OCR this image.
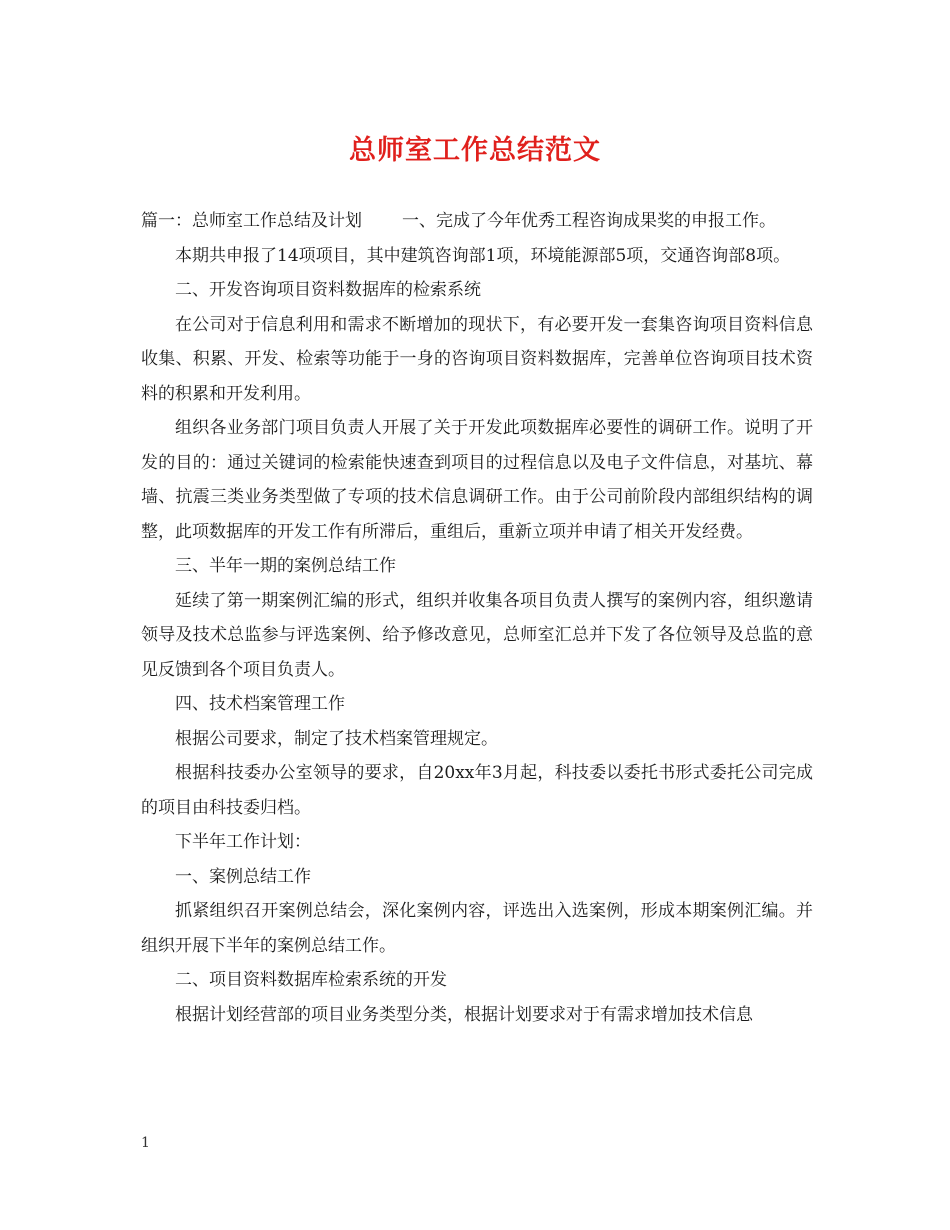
总师室工作总结范文

篇一：总师室工作总结及计划 一、完成了今年优秀工程咨询成果奖的申报工作。

本期共申报了14项项目，其中建筑咨询部1项，环境能源部5项，交通咨询部8项。

二、开发咨询项目资料数据库的检索系统

在公司对于信息利用和需求不断增加的现状下，有必要开发一套集咨询项目资料信息收集、积累、开发、检索等功能于一身的咨询项目资料数据库，完善单位咨询项目技术资料的积累和开发利用。

组织各业务部门项目负责人开展了关于开发此项数据库必要性的调研工作。说明了开发的目的：通过关键词的检索能快速查到项目的过程信息以及电子文件信息，对基坑、幕墙、抗震三类业务类型做了专项的技术信息调研工作。由于公司前阶段内部组织结构的调整，此项数据库的开发工作有所滞后，重组后，重新立项并申请了相关开发经费。

三、半年一期的案例总结工作

延续了第一期案例汇编的形式，组织并收集各项目负责人撰写的案例内容，组织邀请领导及技术总监参与评选案例、给予修改意见，总师室汇总并下发了各位领导及总监的意见反馈到各个项目负责人。

四、技术档案管理工作

根据公司要求，制定了技术档案管理规定。

根据科技委办公室领导的要求，自20xx年3月起，科技委以委托书形式委托公司完成的项目由科技委归档。

下半年工作计划：

一、案例总结工作

抓紧组织召开案例总结会，深化案例内容，评选出入选案例，形成本期案例汇编。并组织开展下半年的案例总结工作。

二、项目资料数据库检索系统的开发

根据计划经营部的项目业务类型分类，根据计划要求对于有需求增加技术信息

1
